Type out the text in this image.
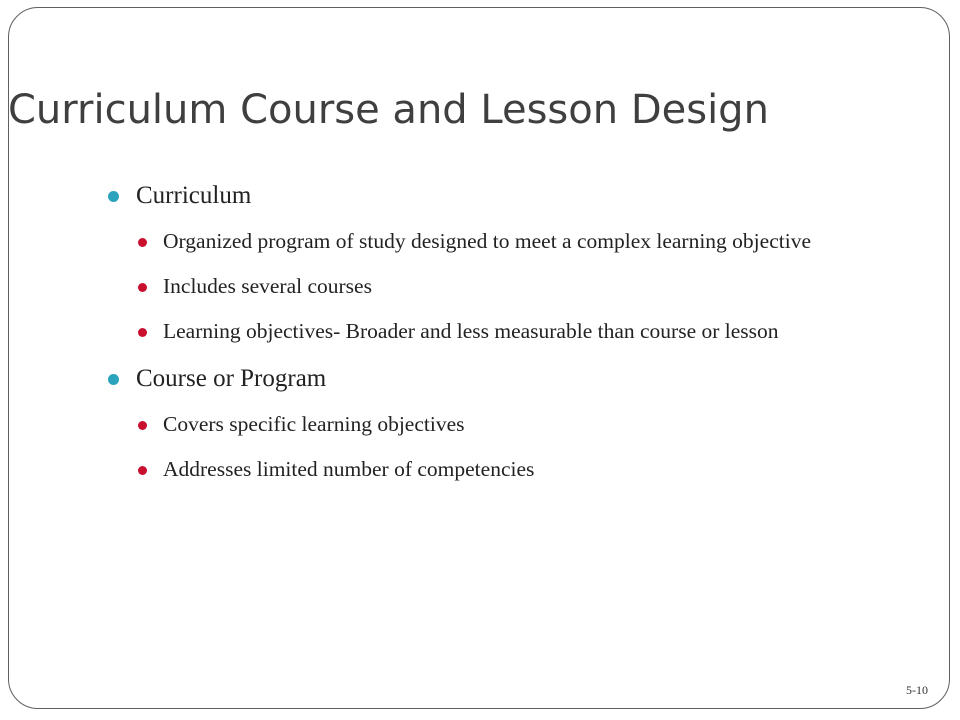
Curriculum Course and Lesson Design
Curriculum
Organized program of study designed to meet a complex learning objective
Includes several courses
Learning objectives- Broader and less measurable than course or lesson
Course or Program
Covers specific learning objectives
Addresses limited number of competencies
5-10
